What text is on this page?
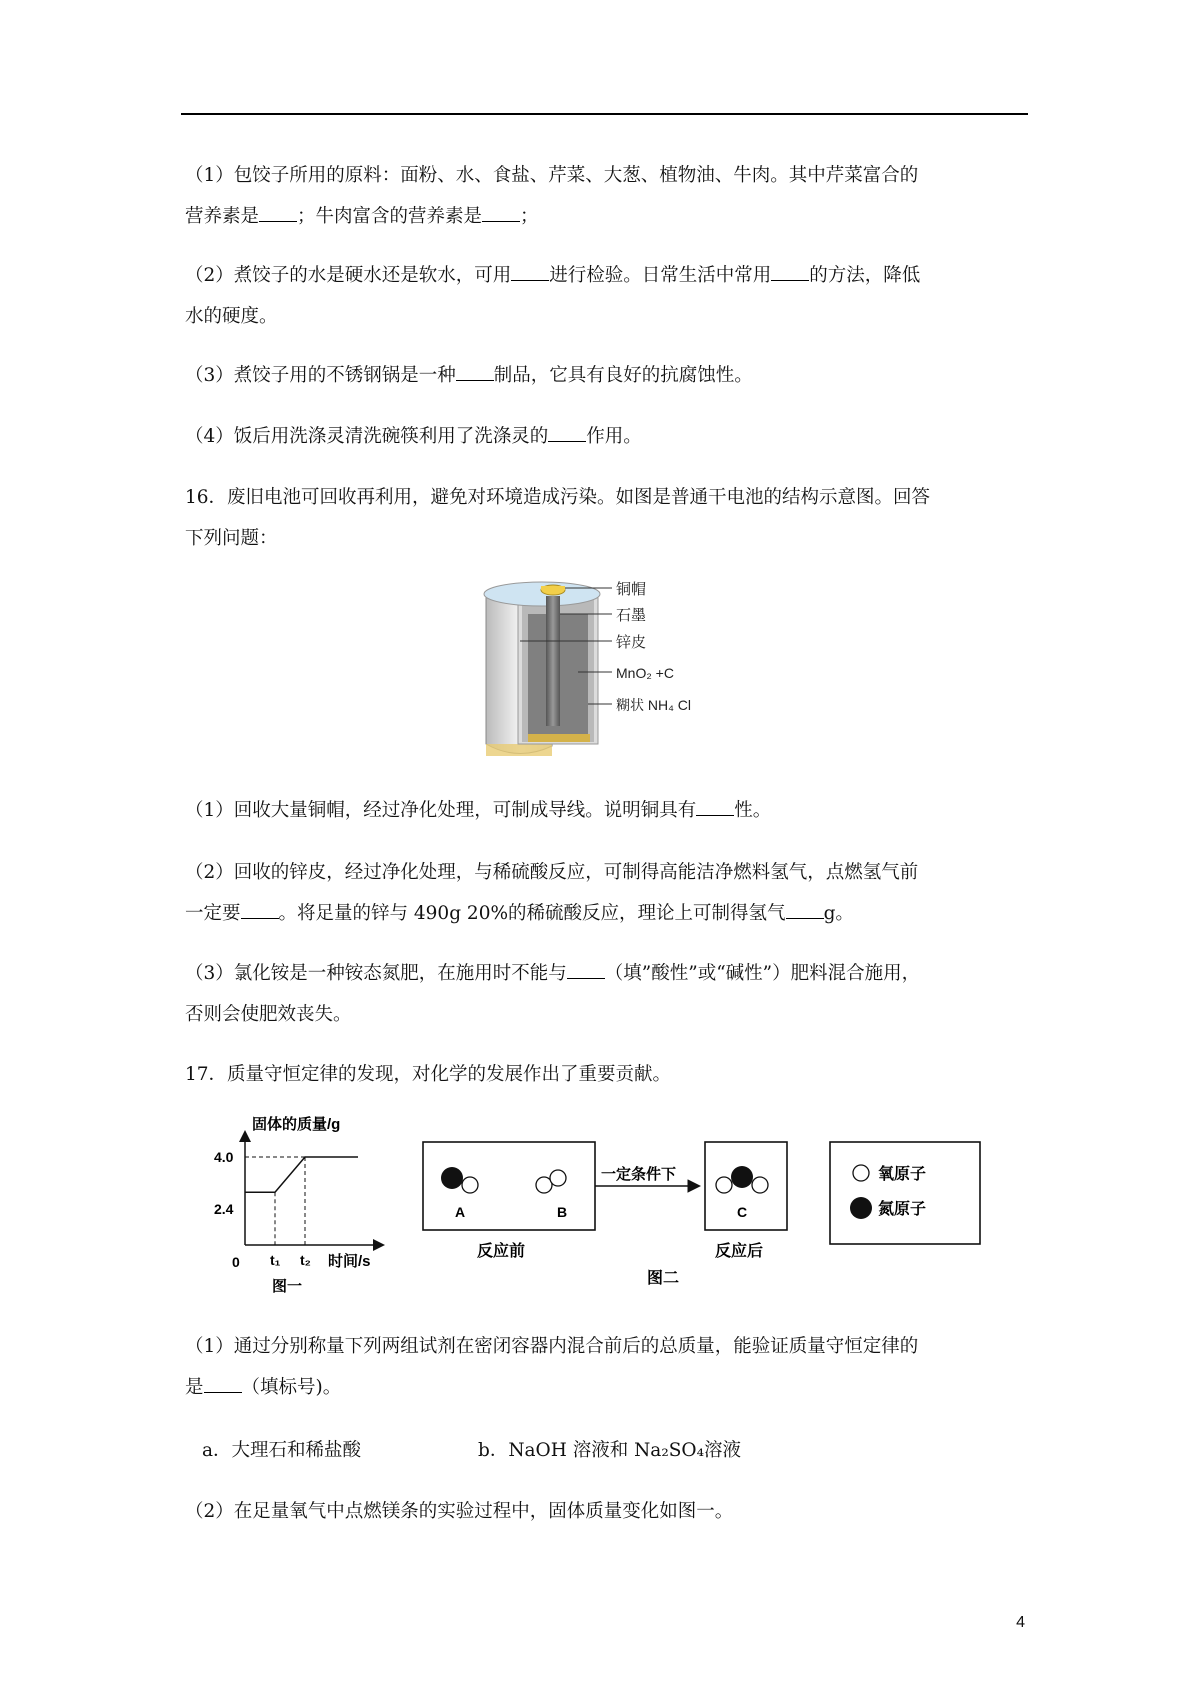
（1）包饺子所用的原料：面粉、水、食盐、芹菜、大葱、植物油、牛肉。其中芹菜富合的
营养素是 ；牛肉富含的营养素是 ；
（2）煮饺子的水是硬水还是软水，可用 进行检验。日常生活中常用 的方法，降低
水的硬度。
（3）煮饺子用的不锈钢锅是一种 制品，它具有良好的抗腐蚀性。
（4）饭后用洗涤灵清洗碗筷利用了洗涤灵的 作用。
16．废旧电池可回收再利用，避免对环境造成污染。如图是普通干电池的结构示意图。回答
下列问题：
铜帽
石墨
锌皮
MnO₂ +C
糊状 NH₄ Cl
（1）回收大量铜帽，经过净化处理，可制成导线。说明铜具有 性。
（2）回收的锌皮，经过净化处理，与稀硫酸反应，可制得高能洁净燃料氢气，点燃氢气前
一定要 。将足量的锌与 490g 20%的稀硫酸反应，理论上可制得氢气 g。
（3）氯化铵是一种铵态氮肥，在施用时不能与 （填”酸性”或“碱性”）肥料混合施用，
否则会使肥效丧失。
17．质量守恒定律的发现，对化学的发展作出了重要贡献。
固体的质量/g
时间/s
0
4.0
2.4
t₁ t₂
图一
A	B
一定条件下
C
氧原子
氮原子
反应前	反应后
图二
（1）通过分别称量下列两组试剂在密闭容器内混合前后的总质量，能验证质量守恒定律的
是 （填标号)。
a．大理石和稀盐酸	b．NaOH 溶液和 Na₂SO₄溶液
（2）在足量氧气中点燃镁条的实验过程中，固体质量变化如图一。
4
